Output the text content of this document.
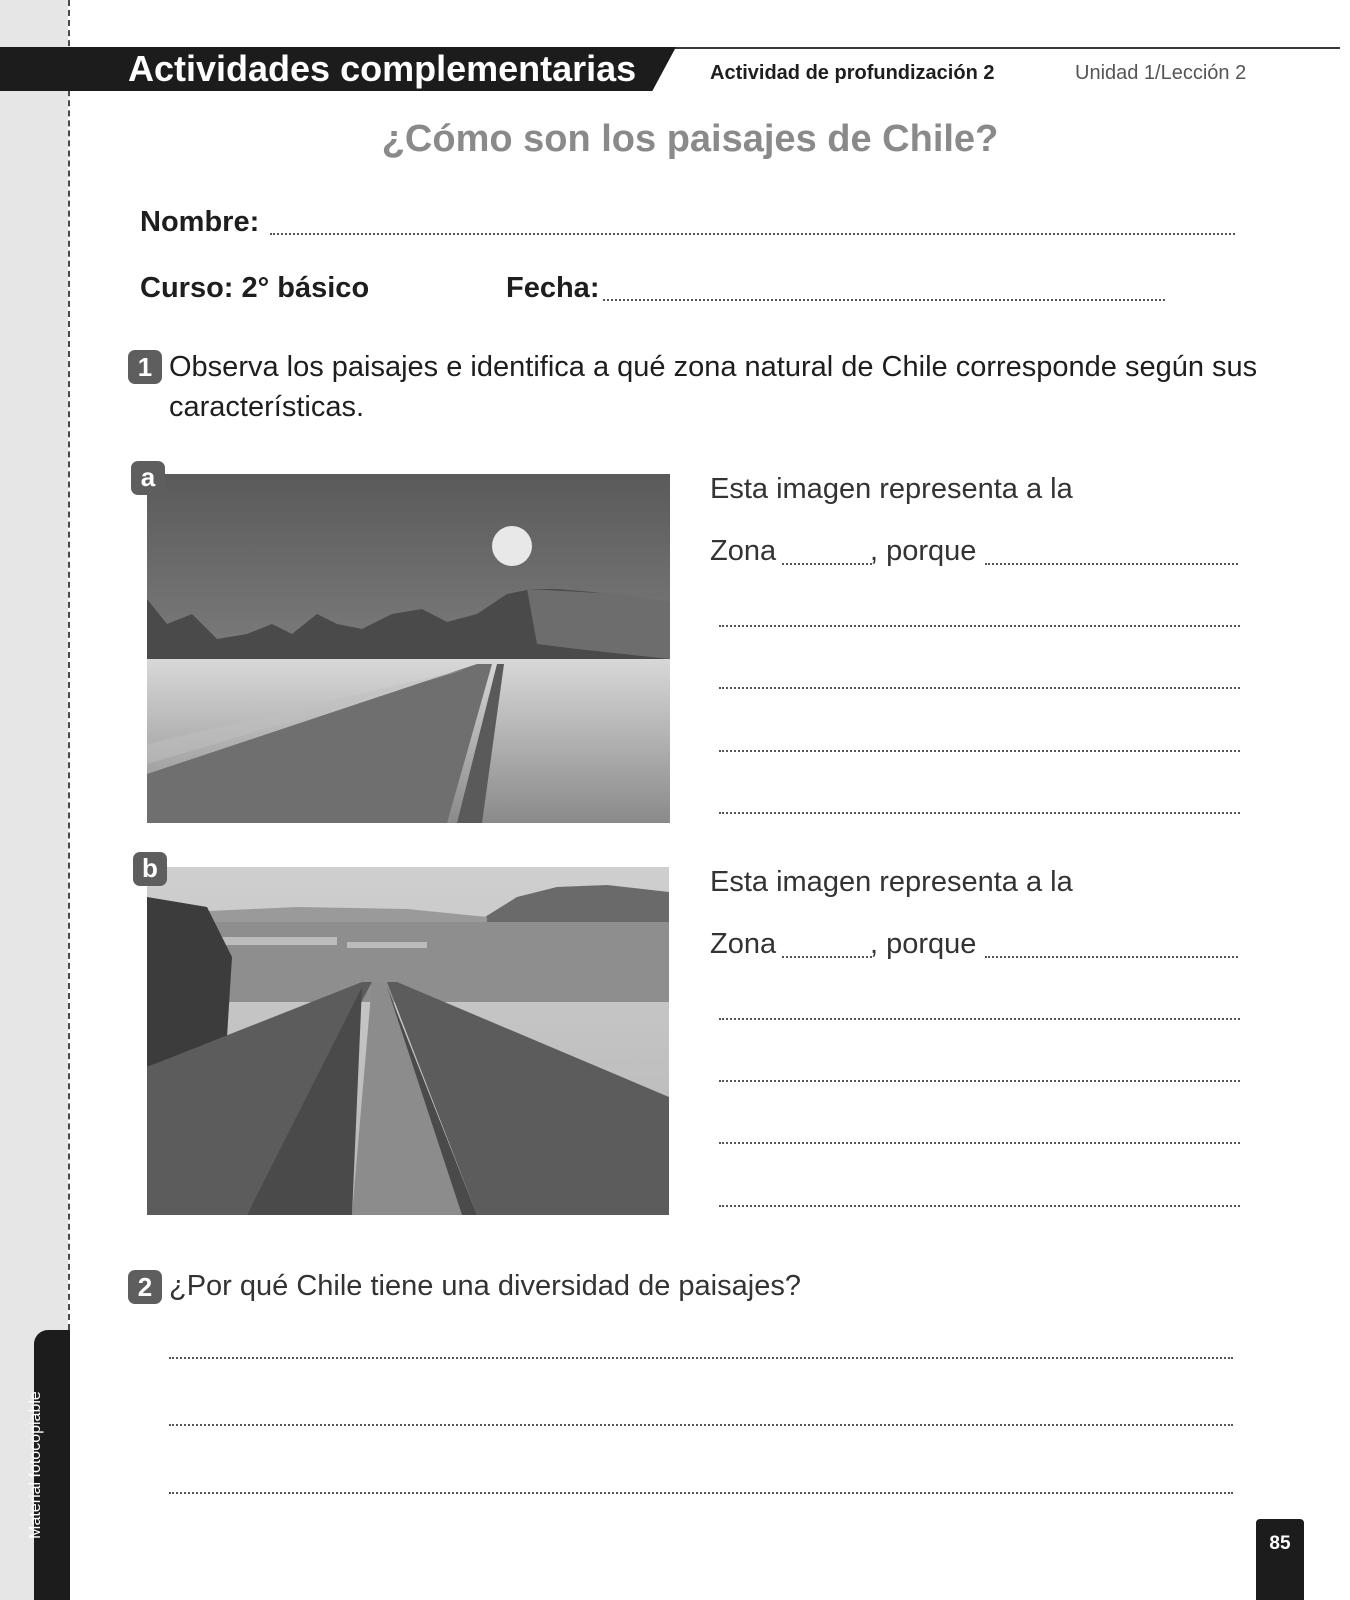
Material fotocopiable
Actividades complementarias	Actividad de profundización 2	Unidad 1/Lección 2
¿Cómo son los paisajes de Chile?
Nombre:
Curso: 2° básico	Fecha:
1 Observa los paisajes e identifica a qué zona natural de Chile corresponde según sus características.
a	Esta imagen representa a la
Zona	, porque
b	Esta imagen representa a la
Zona	, porque
2 ¿Por qué Chile tiene una diversidad de paisajes?
85
